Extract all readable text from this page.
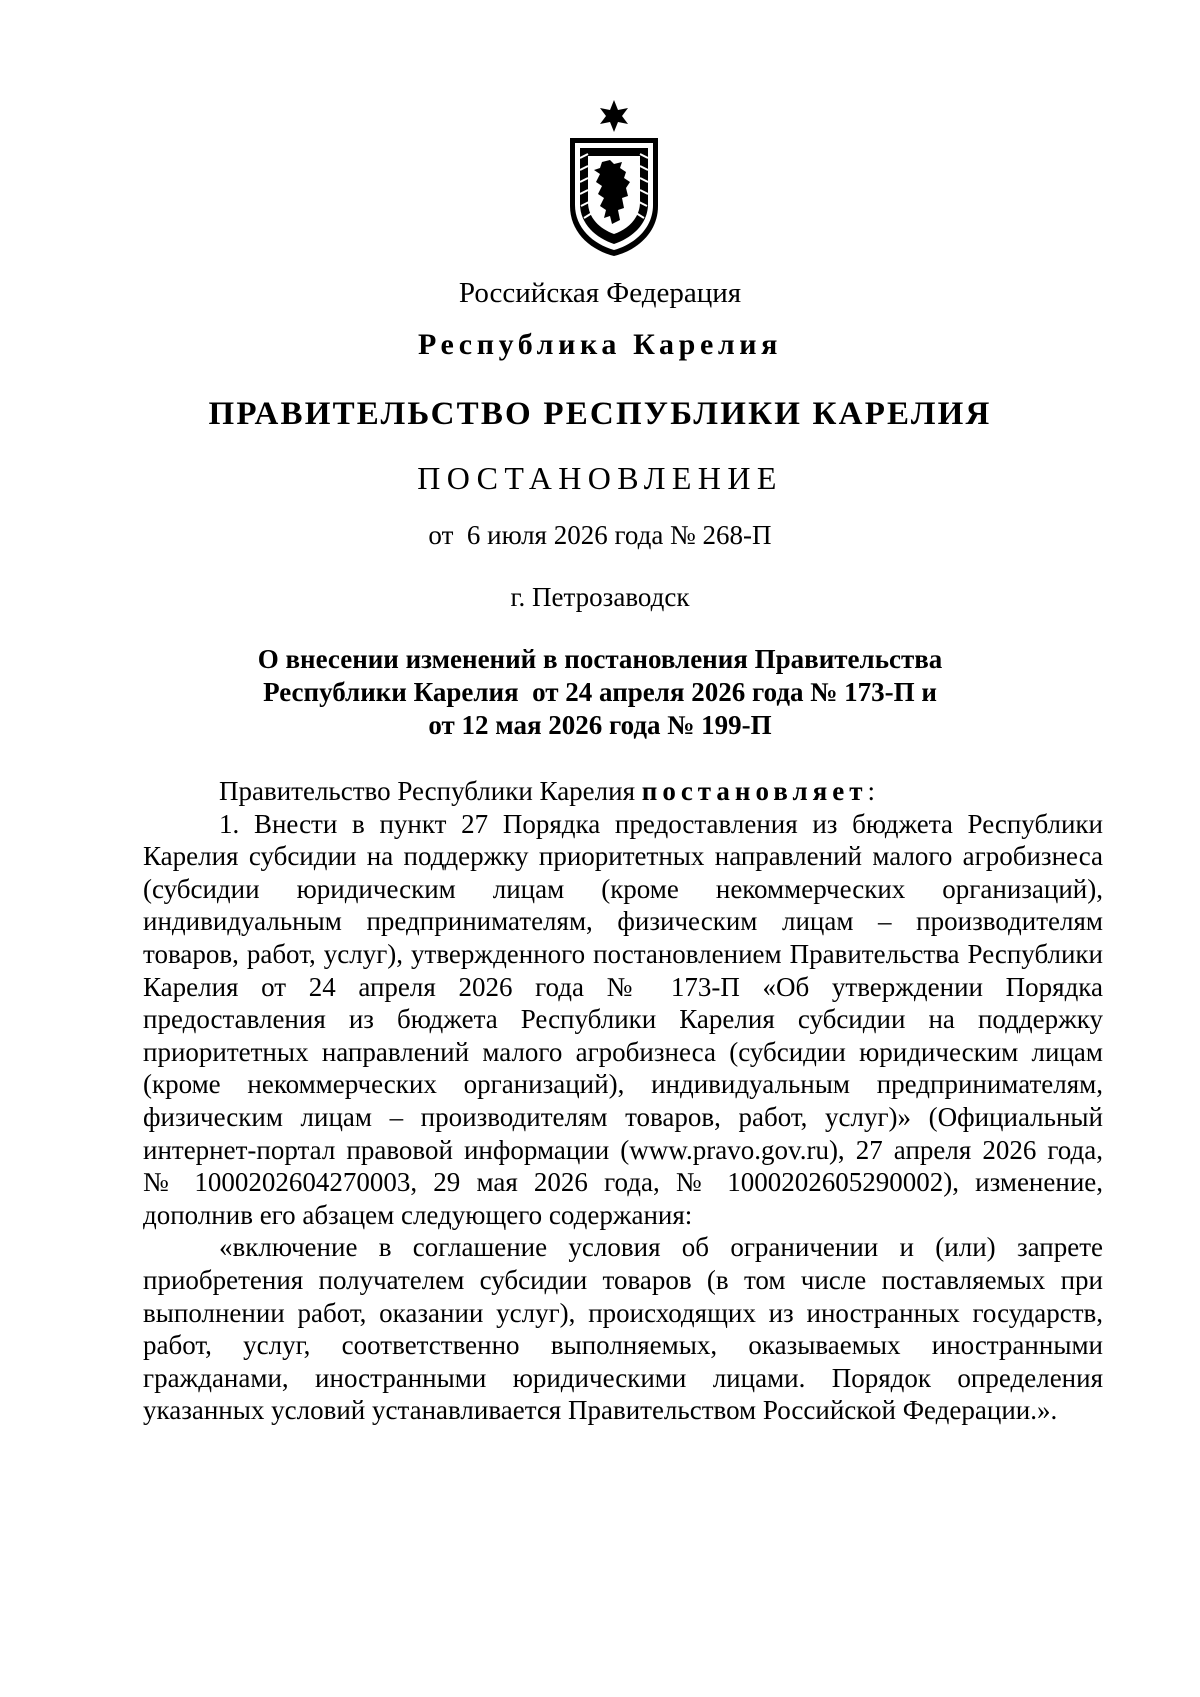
Российская Федерация
Республика Карелия
ПРАВИТЕЛЬСТВО РЕСПУБЛИКИ КАРЕЛИЯ
ПОСТАНОВЛЕНИЕ
от  6 июля 2026 года № 268-П
г. Петрозаводск
О внесении изменений в постановления Правительства
Республики Карелия  от 24 апреля 2026 года № 173-П и
от 12 мая 2026 года № 199-П

Правительство Республики Карелия постановляет:

1. Внести в пункт 27 Порядка предоставления из бюджета Республики Карелия субсидии на поддержку приоритетных направлений малого агробизнеса (субсидии юридическим лицам (кроме некоммерческих организаций), индивидуальным предпринимателям, физическим лицам – производителям товаров, работ, услуг), утвержденного постановлением Правительства Республики Карелия от 24 апреля 2026 года № 173-П «Об утверждении Порядка предоставления из бюджета Республики Карелия субсидии на поддержку приоритетных направлений малого агробизнеса (субсидии юридическим лицам (кроме некоммерческих организаций), индивидуальным предпринимателям, физическим лицам – производителям товаров, работ, услуг)» (Официальный интернет-портал правовой информации (www.pravo.gov.ru), 27 апреля 2026 года, № 1000202604270003, 29 мая 2026 года, № 1000202605290002), изменение, дополнив его абзацем следующего содержания:

«включение в соглашение условия об ограничении и (или) запрете приобретения получателем субсидии товаров (в том числе поставляемых при выполнении работ, оказании услуг), происходящих из иностранных государств, работ, услуг, соответственно выполняемых, оказываемых иностранными гражданами, иностранными юридическими лицами. Порядок определения указанных условий устанавливается Правительством Российской Федерации.».
